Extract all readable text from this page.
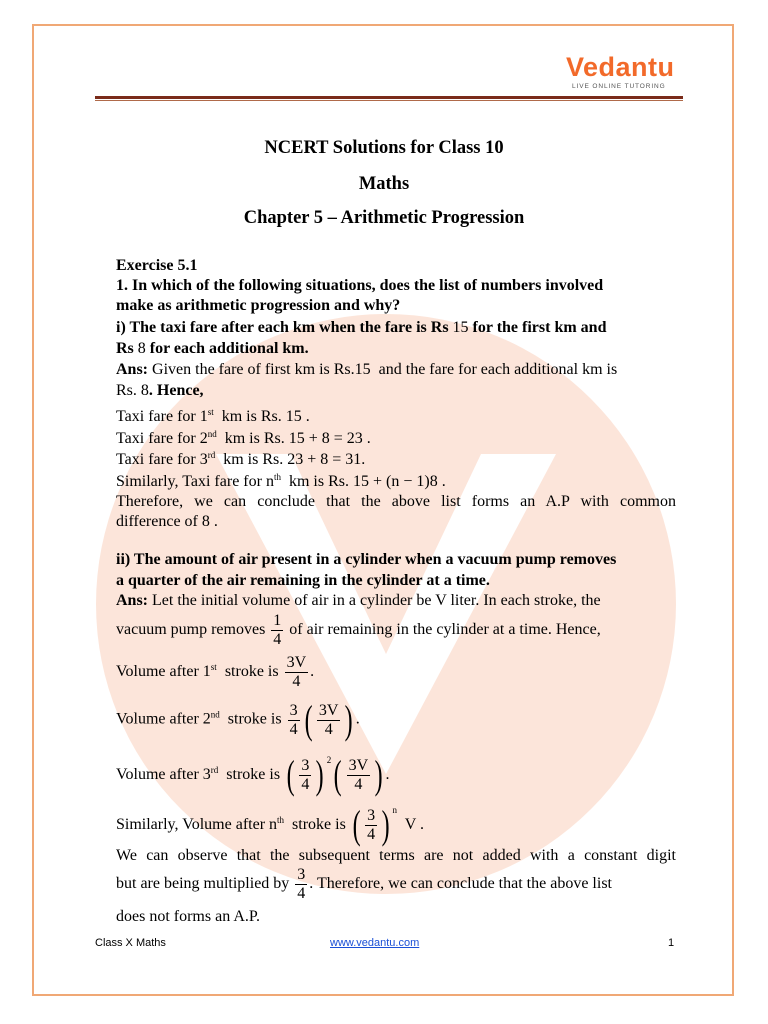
Vedantu
LIVE ONLINE TUTORING
NCERT Solutions for Class 10
Maths
Chapter 5 – Arithmetic Progression
Exercise 5.1
1. In which of the following situations, does the list of numbers involved
make as arithmetic progression and why?
i) The taxi fare after each km when the fare is Rs 15 for the first km and
Rs 8 for each additional km.
Ans: Given the fare of first km is Rs.15 and the fare for each additional km is
Rs. 8. Hence,
Taxi fare for 1st km is Rs. 15 .
Taxi fare for 2nd km is Rs. 15 + 8 = 23 .
Taxi fare for 3rd km is Rs. 23 + 8 = 31.
Similarly, Taxi fare for $n^{th}$ km is Rs. 15 + (n − 1)8 .
Therefore, we can conclude that the above list forms an A.P with common
difference of 8 .
ii) The amount of air present in a cylinder when a vacuum pump removes
a quarter of the air remaining in the cylinder at a time.
Ans: Let the initial volume of air in a cylinder be V liter. In each stroke, the
vacuum pump removes $\frac{1}{4}$ of air remaining in the cylinder at a time. Hence,
Volume after 1st stroke is $\frac{3V}{4}$ .
Volume after 2nd stroke is $\frac{3}{4}$ ( $\frac{3V}{4}$ ) .
Volume after 3rd stroke is ( $\frac{3}{4}$ ) $^2( \frac{3V}{4}$ ) .
Similarly, Volume after $n^{th}$ stroke is ( $\frac{3}{4}$ ) $^n$  V .
We can observe that the subsequent terms are not added with a constant digit
but are being multiplied by $\frac{3}{4}$ . Therefore, we can conclude that the above list
does not forms an A.P.
Class X Maths	www.vedantu.com	1
